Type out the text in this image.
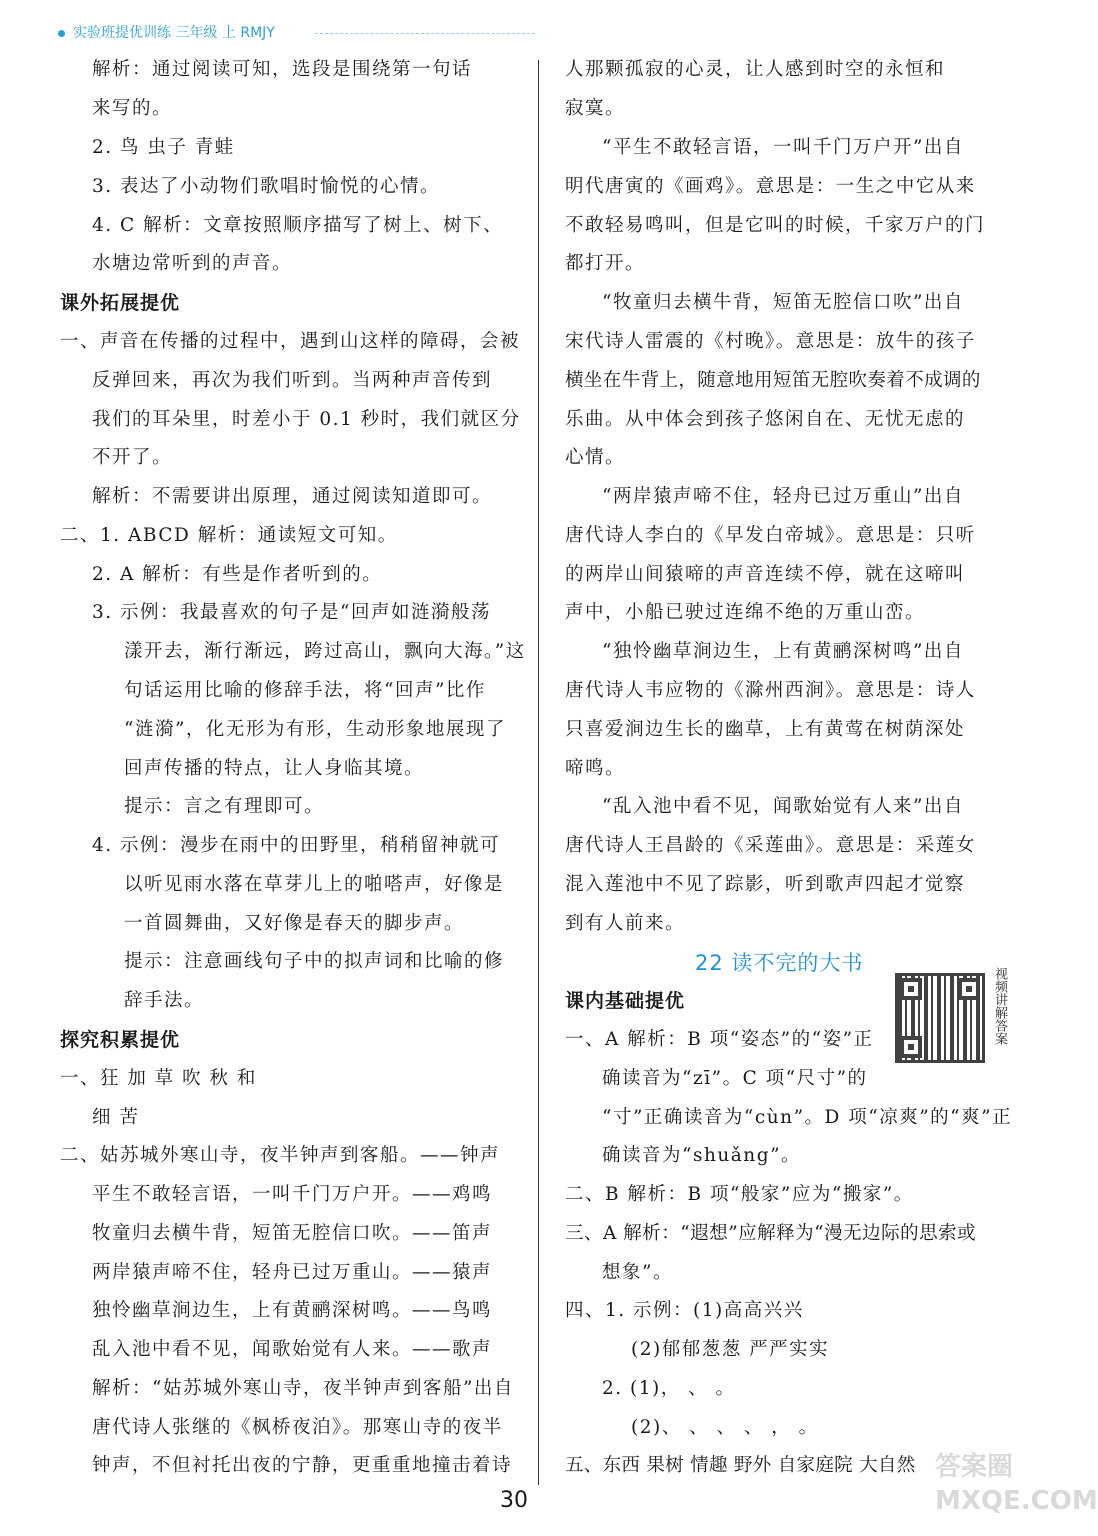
实验班提优训练 三年级 上 RMJY
解析：通过阅读可知，选段是围绕第一句话
来写的。
2. 鸟 虫子 青蛙
3. 表达了小动物们歌唱时愉悦的心情。
4. C 解析：文章按照顺序描写了树上、树下、
水塘边常听到的声音。
课外拓展提优
一、声音在传播的过程中，遇到山这样的障碍，会被
反弹回来，再次为我们听到。当两种声音传到
我们的耳朵里，时差小于 0.1 秒时，我们就区分
不开了。
解析：不需要讲出原理，通过阅读知道即可。
二、1. ABCD 解析：通读短文可知。
2. A 解析：有些是作者听到的。
3. 示例：我最喜欢的句子是“回声如涟漪般荡
漾开去，渐行渐远，跨过高山，飘向大海。”这
句话运用比喻的修辞手法，将“回声”比作
“涟漪”，化无形为有形，生动形象地展现了
回声传播的特点，让人身临其境。
提示：言之有理即可。
4. 示例：漫步在雨中的田野里，稍稍留神就可
以听见雨水落在草芽儿上的啪嗒声，好像是
一首圆舞曲，又好像是春天的脚步声。
提示：注意画线句子中的拟声词和比喻的修
辞手法。
探究积累提优
一、狂 加 草 吹 秋 和
细 苦
二、姑苏城外寒山寺，夜半钟声到客船。——钟声
平生不敢轻言语，一叫千门万户开。——鸡鸣
牧童归去横牛背，短笛无腔信口吹。——笛声
两岸猿声啼不住，轻舟已过万重山。——猿声
独怜幽草涧边生，上有黄鹂深树鸣。——鸟鸣
乱入池中看不见，闻歌始觉有人来。——歌声
解析：“姑苏城外寒山寺，夜半钟声到客船”出自
唐代诗人张继的《枫桥夜泊》。那寒山寺的夜半
钟声，不但衬托出夜的宁静，更重重地撞击着诗
人那颗孤寂的心灵，让人感到时空的永恒和
寂寞。
“平生不敢轻言语，一叫千门万户开”出自
明代唐寅的《画鸡》。意思是：一生之中它从来
不敢轻易鸣叫，但是它叫的时候，千家万户的门
都打开。
“牧童归去横牛背，短笛无腔信口吹”出自
宋代诗人雷震的《村晚》。意思是：放牛的孩子
横坐在牛背上，随意地用短笛无腔吹奏着不成调的
乐曲。从中体会到孩子悠闲自在、无忧无虑的
心情。
“两岸猿声啼不住，轻舟已过万重山”出自
唐代诗人李白的《早发白帝城》。意思是：只听
的两岸山间猿啼的声音连续不停，就在这啼叫
声中，小船已驶过连绵不绝的万重山峦。
“独怜幽草涧边生，上有黄鹂深树鸣”出自
唐代诗人韦应物的《滁州西涧》。意思是：诗人
只喜爱涧边生长的幽草，上有黄莺在树荫深处
啼鸣。
“乱入池中看不见，闻歌始觉有人来”出自
唐代诗人王昌龄的《采莲曲》。意思是：采莲女
混入莲池中不见了踪影，听到歌声四起才觉察
到有人前来。
22 读不完的大书
课内基础提优
一、A 解析：B 项“姿态”的“姿”正
确读音为“zī”。C 项“尺寸”的
“寸”正确读音为“cùn”。D 项“凉爽”的“爽”正
确读音为“shuǎng”。
二、B 解析：B 项“般家”应为“搬家”。
三、A 解析：“遐想”应解释为“漫无边际的思索或
想象”。
四、1. 示例：(1)高高兴兴
(2)郁郁葱葱 严严实实
2. (1)， 、 。
(2)、 、 、 、 ， 。
五、东西 果树 情趣 野外 自家庭院 大自然
视频讲解答案
30
答案圈 MXQE.COM
